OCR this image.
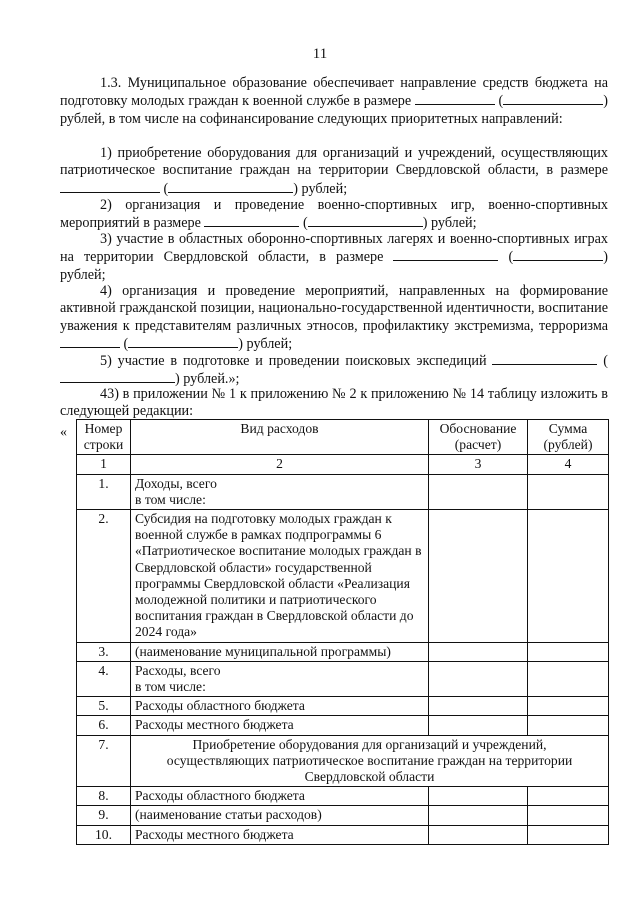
11
1.3. Муниципальное образование обеспечивает направление средств бюджета на подготовку молодых граждан к военной службе в размере	(	) рублей, в том числе на софинансирование следующих приоритетных направлений:
1) приобретение оборудования для организаций и учреждений, осуществляющих патриотическое воспитание граждан на территории Свердловской области, в размере  (	) рублей;
2) организация и проведение военно-спортивных игр, военно-спортивных мероприятий в размере	(	) рублей;
3) участие в областных оборонно-спортивных лагерях и военно-спортивных играх на территории Свердловской области, в размере	(	) рублей;
4) организация и проведение мероприятий, направленных на формирование активной гражданской позиции, национально-государственной идентичности, воспитание уважения к представителям различных этносов, профилактику экстремизма, терроризма  (	) рублей;
5) участие в подготовке и проведении поисковых экспедиций	() рублей.»;
43) в приложении № 1 к приложению № 2 к приложению № 14 таблицу изложить в следующей редакции:
« Номер строки	Вид расходов	Обоснование (расчет)	Сумма (рублей)
1	2	3	4
1.	Доходы, всего
в том числе:		
2.	Субсидия на подготовку молодых граждан к военной службе в рамках подпрограммы 6 «Патриотическое воспитание молодых граждан в Свердловской области» государственной программы Свердловской области «Реализация молодежной политики и патриотического воспитания граждан в Свердловской области до 2024 года»		
3.	(наименование муниципальной программы)		
4.	Расходы, всего
в том числе:		
5.	Расходы областного бюджета		
6.	Расходы местного бюджета		
7.	Приобретение оборудования для организаций и учреждений, осуществляющих патриотическое воспитание граждан на территории Свердловской области		
8.	Расходы областного бюджета		
9.	(наименование статьи расходов)		
10.	Расходы местного бюджета		
